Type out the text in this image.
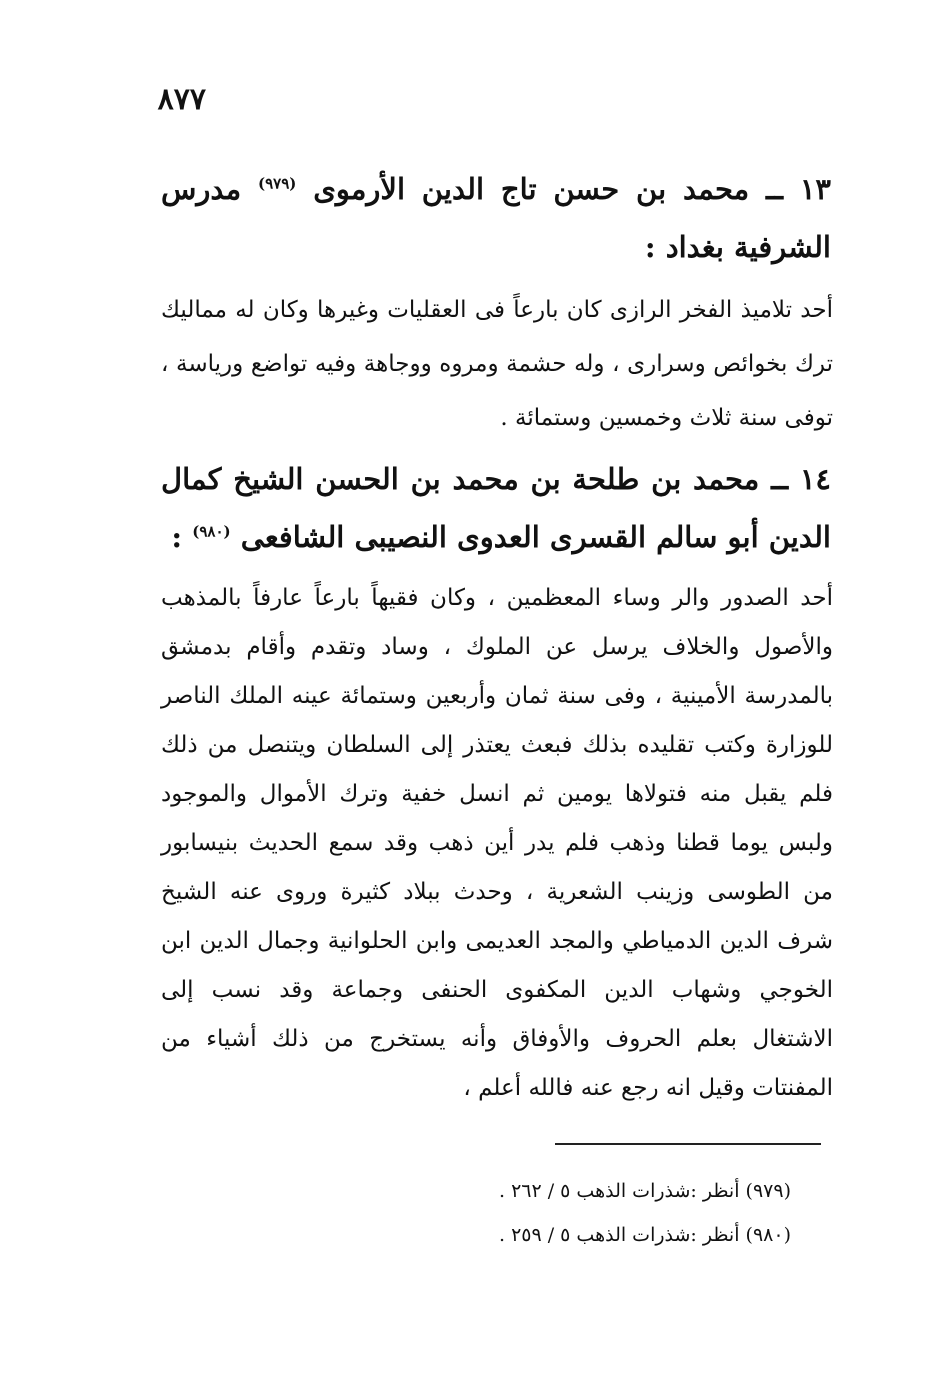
٨٧٧
١٣ ــ محمد بن حسن تاج الدين الأرموى $^{(٩٧٩)}$ مدرس الشرفية بغداد :
أحد تلاميذ الفخر الرازى كان بارعاً فى العقليات وغيرها وكان له مماليك ترك بخوائص وسرارى ، وله حشمة ومروه ووجاهة وفيه تواضع ورياسة ، توفى سنة ثلاث وخمسين وستمائة .
١٤ ــ محمد بن طلحة بن محمد بن الحسن الشيخ كمال الدين أبو سالم القسرى العدوى النصيبى الشافعى $^{(٩٨٠)}$ :
أحد الصدور والر وساء المعظمين ، وكان فقيهاً بارعاً عارفاً بالمذهب والأصول والخلاف يرسل عن الملوك ، وساد وتقدم وأقام بدمشق بالمدرسة الأمينية ، وفى سنة ثمان وأربعين وستمائة عينه الملك الناصر للوزارة وكتب تقليده بذلك فبعث يعتذر إلى السلطان ويتنصل من ذلك فلم يقبل منه فتولاها يومين ثم انسل خفية وترك الأموال والموجود ولبس يوما قطنا وذهب فلم يدر أين ذهب وقد سمع الحديث بنيسابور من الطوسى وزينب الشعرية ، وحدث ببلاد كثيرة وروى عنه الشيخ شرف الدين الدمياطي والمجد العديمى وابن الحلوانية وجمال الدين ابن الخوجي وشهاب الدين المكفوى الحنفى وجماعة وقد نسب إلى الاشتغال بعلم الحروف والأوفاق وأنه يستخرج من ذلك أشياء من المفنتات وقيل انه رجع عنه فالله أعلم ،
(٩٧٩) أنظر :شذرات الذهب ٥ / ٢٦٢ .
(٩٨٠) أنظر :شذرات الذهب ٥ / ٢٥٩ .
